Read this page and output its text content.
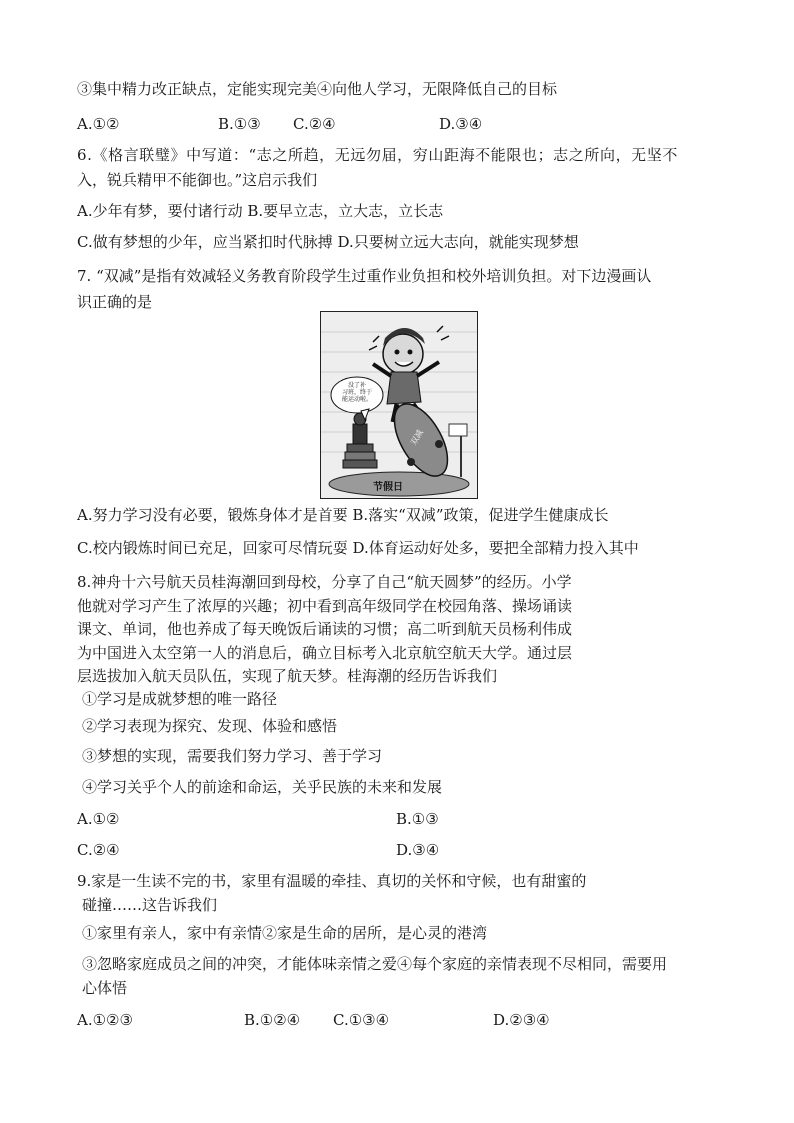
③集中精力改正缺点，定能实现完美④向他人学习，无限降低自己的目标
A.①②	B.①③ C.②④	D.③④
6.《格言联璧》中写道：“志之所趋，无远勿届，穷山距海不能限也；志之所向，无坚不
入，锐兵精甲不能御也。”这启示我们
A.少年有梦，要付诸行动 B.要早立志，立大志，立长志
C.做有梦想的少年，应当紧扣时代脉搏 D.只要树立远大志向，就能实现梦想
7. “双减”是指有效减轻义务教育阶段学生过重作业负担和校外培训负担。对下边漫画认
识正确的是
没了补
习班，终于
能运动啦。
双减
节假日
A.努力学习没有必要，锻炼身体才是首要 B.落实“双减”政策，促进学生健康成长
C.校内锻炼时间已充足，回家可尽情玩耍 D.体育运动好处多，要把全部精力投入其中
8.神舟十六号航天员桂海潮回到母校，分享了自己“航天圆梦”的经历。小学
他就对学习产生了浓厚的兴趣；初中看到高年级同学在校园角落、操场诵读
课文、单词，他也养成了每天晚饭后诵读的习惯；高二听到航天员杨利伟成
为中国进入太空第一人的消息后，确立目标考入北京航空航天大学。通过层
层选拔加入航天员队伍，实现了航天梦。桂海潮的经历告诉我们
①学习是成就梦想的唯一路径
②学习表现为探究、发现、体验和感悟
③梦想的实现，需要我们努力学习、善于学习
④学习关乎个人的前途和命运，关乎民族的未来和发展
A.①②	B.①③
C.②④	D.③④
9.家是一生读不完的书，家里有温暖的牵挂、真切的关怀和守候，也有甜蜜的
碰撞……这告诉我们
①家里有亲人，家中有亲情②家是生命的居所，是心灵的港湾
③忽略家庭成员之间的冲突，才能体味亲情之爱④每个家庭的亲情表现不尽相同，需要用
心体悟
A.①②③	B.①②④ C.①③④	D.②③④
